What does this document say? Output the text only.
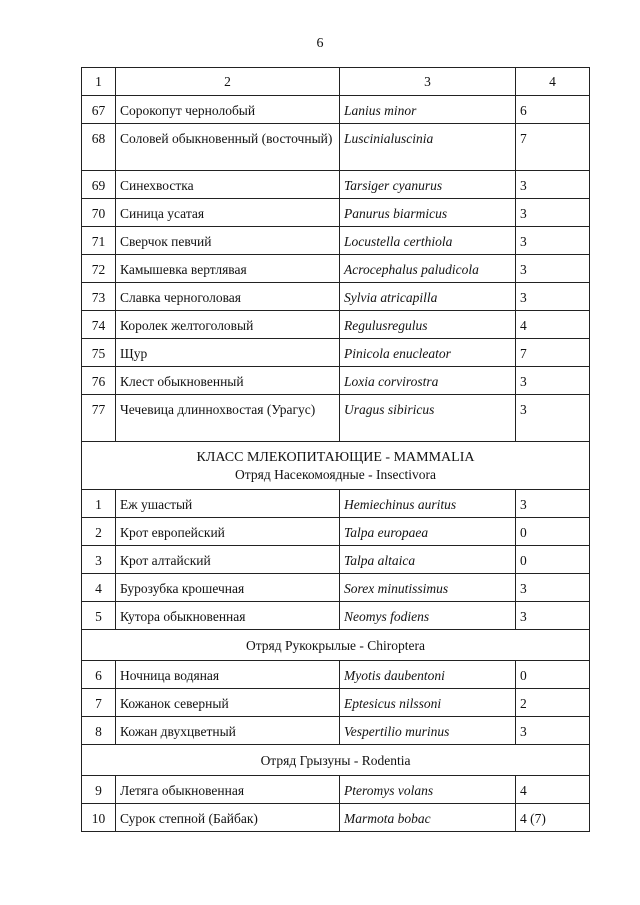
6
1	2	3	4
67	Сорокопут чернолобый	Lanius minor	6
68	Соловей обыкновенный (восточный)	Luscinialuscinia	7
69	Синехвостка	Tarsiger cyanurus	3
70	Синица усатая	Panurus biarmicus	3
71	Сверчок певчий	Locustella certhiola	3
72	Камышевка вертлявая	Acrocephalus paludicola	3
73	Славка черноголовая	Sylvia atricapilla	3
74	Королек желтоголовый	Regulusregulus	4
75	Щур	Pinicola enucleator	7
76	Клест обыкновенный	Loxia corvirostra	3
77	Чечевица длиннохвостая (Урагус)	Uragus sibiricus	3

КЛАСС МЛЕКОПИТАЮЩИЕ - MAMMALIA
Отряд Насекомоядные - Insectivora			

1	Еж ушастый	Hemiechinus auritus	3
2	Крот европейский	Talpa europaea	0
3	Крот алтайский	Talpa altaica	0
4	Бурозубка крошечная	Sorex minutissimus	3
5	Кутора обыкновенная	Neomys fodiens	3
Отряд Рукокрылые - Chiroptera			
6	Ночница водяная	Myotis daubentoni	0
7	Кожанок северный	Eptesicus nilssoni	2
8	Кожан двухцветный	Vespertilio murinus	3
Отряд Грызуны - Rodentia			
9	Летяга обыкновенная	Pteromys volans	4
10	Сурок степной (Байбак)	Marmota bobac	4 (7)
